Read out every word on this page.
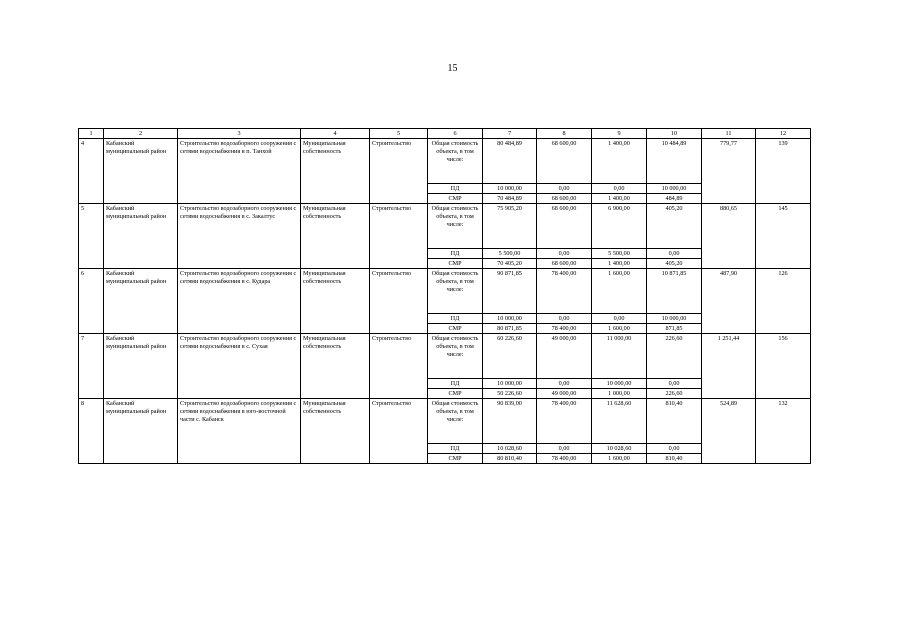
15
1	2	3	4	5	6	7	8	9	10	11	12
4	Кабанский муниципальный район	Строительство водозаборного сооружения с сетями водоснабжения в п. Танхой	Муниципальная собственность	Строительство	Общая стоимость объекта, в том числе:	80 484,89	68 600,00	1 400,00	10 484,89	779,77	139
					ПД	10 000,00	0,00	0,00	10 000,00		
					СМР	70 484,89	68 600,00	1 400,00	484,89		
5	Кабанский муниципальный район	Строительство водозаборного сооружения с сетями водоснабжения в с. Закалтус	Муниципальная собственность	Строительство	Общая стоимость объекта, в том числе:	75 905,20	68 600,00	6 900,00	405,20	880,65	145
					ПД	5 500,00	0,00	5 500,00	0,00		
					СМР	70 405,20	68 600,00	1 400,00	405,20		
6	Кабанский муниципальный район	Строительство водозаборного сооружения с сетями водоснабжения в с. Кудара	Муниципальная собственность	Строительство	Общая стоимость объекта, в том числе:	90 871,85	78 400,00	1 600,00	10 871,85	487,90	126
					ПД	10 000,00	0,00	0,00	10 000,00		
					СМР	80 871,85	78 400,00	1 600,00	871,85		
7	Кабанский муниципальный район	Строительство водозаборного сооружения с сетями водоснабжения в с. Сухая	Муниципальная собственность	Строительство	Общая стоимость объекта, в том числе:	60 226,60	49 000,00	11 000,00	226,60	1 251,44	156
					ПД	10 000,00	0,00	10 000,00	0,00		
					СМР	50 226,60	49 000,00	1 000,00	226,60		
8	Кабанский муниципальный район	Строительство водозаборного сооружения с сетями водоснабжения в юго-восточной части с. Кабанск	Муниципальная собственность	Строительство	Общая стоимость объекта, в том числе:	90 839,00	78 400,00	11 628,60	810,40	524,89	132
					ПД	10 028,60	0,00	10 028,60	0,00		
					СМР	80 810,40	78 400,00	1 600,00	810,40		
